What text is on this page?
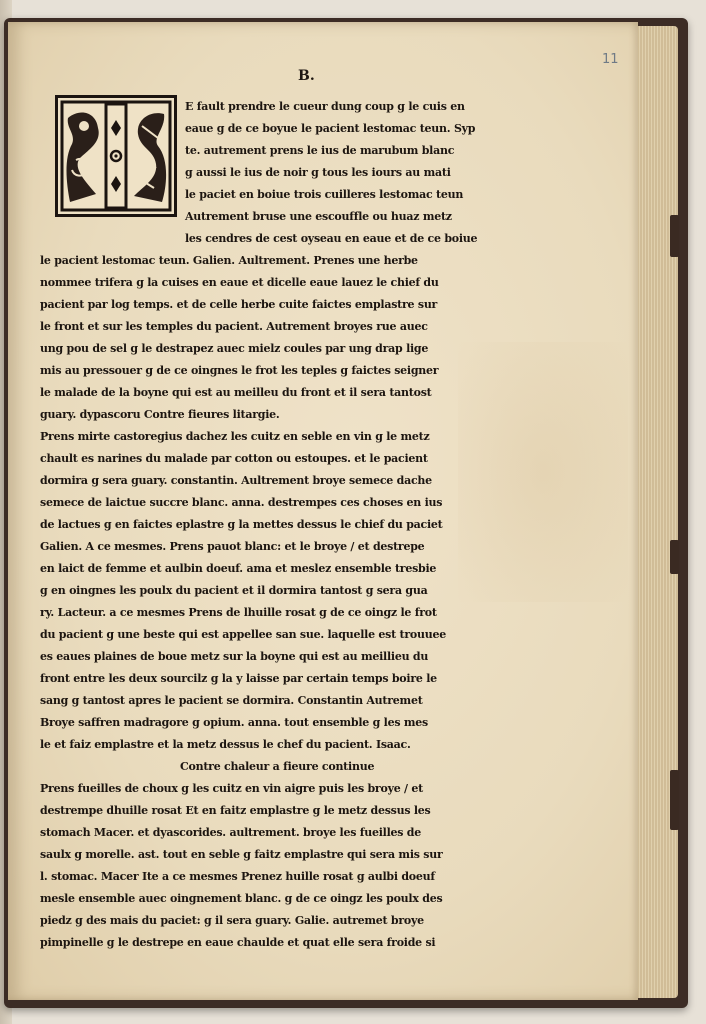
11
B.
E fault prendre le cueur dung coup g le cuis en
eaue g de ce boyue le pacient lestomac teun. Syp
te. autrement prens le ius de marubum blanc
g aussi le ius de noir g tous les iours au mati
le paciet en boiue trois cuilleres lestomac teun
Autrement bruse une escouffle ou huaz metz
les cendres de cest oyseau en eaue et de ce boiue
le pacient lestomac teun. Galien. Aultrement. Prenes une herbe
nommee trifera g la cuises en eaue et dicelle eaue lauez le chief du
pacient par log temps. et de celle herbe cuite faictes emplastre sur
le front et sur les temples du pacient. Autrement broyes rue auec
ung pou de sel g le destrapez auec mielz coules par ung drap lige
mis au pressouer g de ce oingnes le frot les teples g faictes seigner
le malade de la boyne qui est au meilleu du front et il sera tantost
guary. dypascoru Contre fieures litargie.
Prens mirte castoregius dachez les cuitz en seble en vin g le metz
chault es narines du malade par cotton ou estoupes. et le pacient
dormira g sera guary. constantin. Aultrement broye semece dache
semece de laictue succre blanc. anna. destrempes ces choses en ius
de lactues g en faictes eplastre g la mettes dessus le chief du paciet
Galien. A ce mesmes. Prens pauot blanc: et le broye / et destrepe
en laict de femme et aulbin doeuf. ama et meslez ensemble tresbie
g en oingnes les poulx du pacient et il dormira tantost g sera gua
ry. Lacteur. a ce mesmes Prens de lhuille rosat g de ce oingz le frot
du pacient g une beste qui est appellee san sue. laquelle est trouuee
es eaues plaines de boue metz sur la boyne qui est au meillieu du
front entre les deux sourcilz g la y laisse par certain temps boire le
sang g tantost apres le pacient se dormira. Constantin Autremet
Broye saffren madragore g opium. anna. tout ensemble g les mes
le et faiz emplastre et la metz dessus le chef du pacient. Isaac.
Contre chaleur a fieure continue
Prens fueilles de choux g les cuitz en vin aigre puis les broye / et
destrempe dhuille rosat Et en faitz emplastre g le metz dessus les
stomach Macer. et dyascorides. aultrement. broye les fueilles de
saulx g morelle. ast. tout en seble g faitz emplastre qui sera mis sur
l. stomac. Macer Ite a ce mesmes Prenez huille rosat g aulbi doeuf
mesle ensemble auec oingnement blanc. g de ce oingz les poulx des
piedz g des mais du paciet: g il sera guary. Galie. autremet broye
pimpinelle g le destrepe en eaue chaulde et quat elle sera froide si
